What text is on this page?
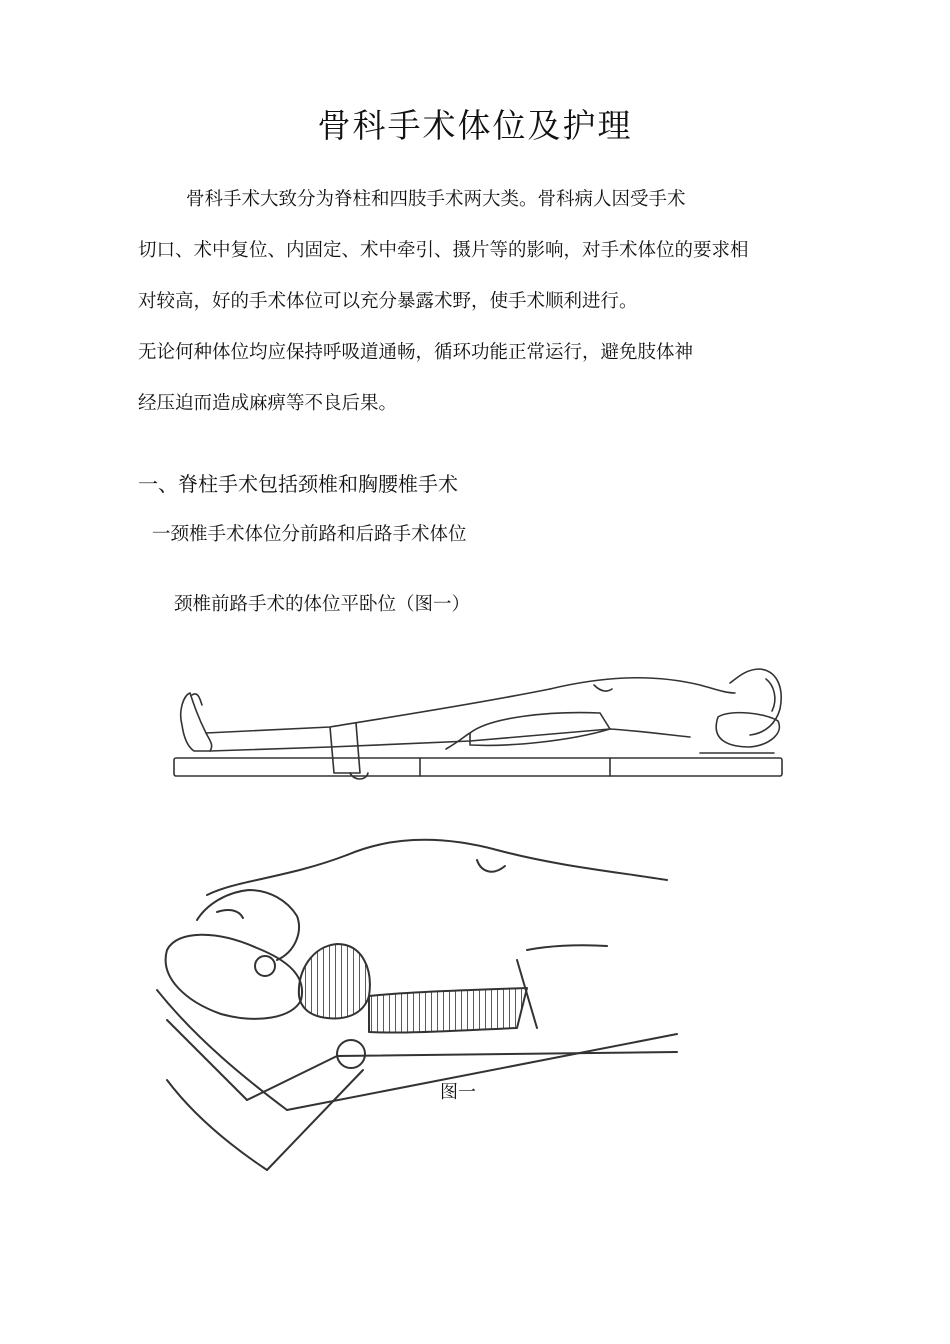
骨科手术体位及护理
骨科手术大致分为脊柱和四肢手术两大类。骨科病人因受手术
切口、术中复位、内固定、术中牵引、摄片等的影响，对手术体位的要求相
对较高，好的手术体位可以充分暴露术野，使手术顺利进行。
无论何种体位均应保持呼吸道通畅，循环功能正常运行，避免肢体神
经压迫而造成麻痹等不良后果。
一、脊柱手术包括颈椎和胸腰椎手术
一颈椎手术体位分前路和后路手术体位
颈椎前路手术的体位平卧位（图一）
图一
